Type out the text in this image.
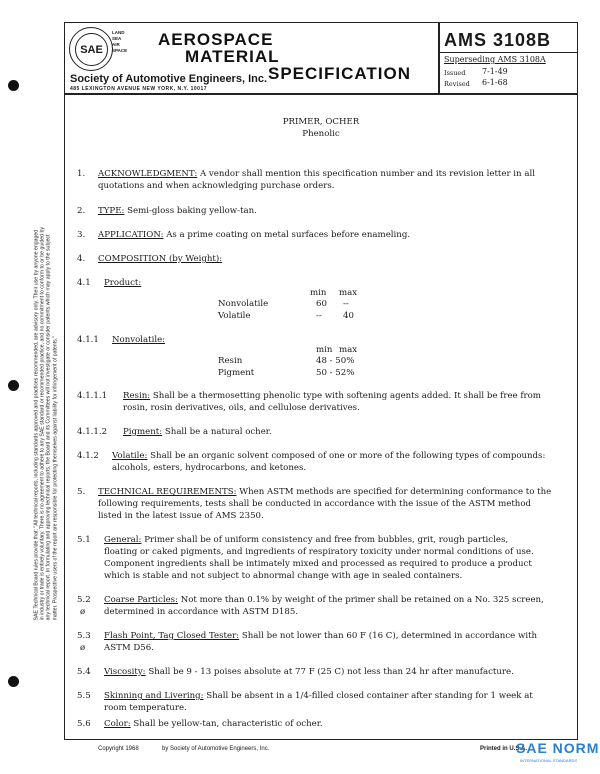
SAE Technical Board rules provide that: "All technical reports, including standards approved and practices recommended, are advisory only. Their use by anyone engaged in industry or trade is entirely voluntary. There is no agreement to adhere to any SAE standard or recommended practice, and no commitment to conform to or be guided by any technical report. In formulating and approving technical reports, the Board and its Committees will not investigate or consider patents which may apply to the subject matter. Prospective users of the report are responsible for protecting themselves against liability for infringement of patents."
SAE
LAND
SEA
AIR
SPACE
AEROSPACE
MATERIAL
SPECIFICATION
Society of Automotive Engineers, Inc.
485 LEXINGTON AVENUE NEW YORK, N.Y. 10017
AMS 3108B
Superseding AMS 3108A
Issued 7-1-49
Revised 6-1-68
PRIMER, OCHER
Phenolic
1. ACKNOWLEDGMENT: A vendor shall mention this specification number and its revision letter in all
quotations and when acknowledging purchase orders.
2. TYPE: Semi-gloss baking yellow-tan.
3. APPLICATION: As a prime coating on metal surfaces before enameling.
4. COMPOSITION (by Weight):
4.1 Product:
min max
Nonvolatile	60 --
Volatile	-- 40
4.1.1 Nonvolatile:
min max
Resin	48 - 50%
Pigment	50 - 52%
4.1.1.1 Resin: Shall be a thermosetting phenolic type with softening agents added. It shall be free from
rosin, rosin derivatives, oils, and cellulose derivatives.
4.1.1.2 Pigment: Shall be a natural ocher.
4.1.2 Volatile: Shall be an organic solvent composed of one or more of the following types of compounds:
alcohols, esters, hydrocarbons, and ketones.
5. TECHNICAL REQUIREMENTS: When ASTM methods are specified for determining conformance to the
following requirements, tests shall be conducted in accordance with the issue of the ASTM method
listed in the latest issue of AMS 2350.
5.1 General: Primer shall be of uniform consistency and free from bubbles, grit, rough particles,
floating or caked pigments, and ingredients of respiratory toxicity under normal conditions of use.
Component ingredients shall be intimately mixed and processed as required to produce a product
which is stable and not subject to abnormal change with age in sealed containers.
5.2
ø
Coarse Particles: Not more than 0.1% by weight of the primer shall be retained on a No. 325 screen,
determined in accordance with ASTM D185.
5.3
ø
Flash Point, Tag Closed Tester: Shall be not lower than 60 F (16 C), determined in accordance with
ASTM D56.
5.4 Viscosity: Shall be 9 - 13 poises absolute at 77 F (25 C) not less than 24 hr after manufacture.
5.5 Skinning and Livering: Shall be absent in a 1/4-filled closed container after standing for 1 week at
room temperature.
5.6 Color: Shall be yellow-tan, characteristic of ocher.
Copyright 1968	by Society of Automotive Engineers, Inc.	Printed in U.S.A.
SAE NORM
INTERNATIONAL STANDARDS
